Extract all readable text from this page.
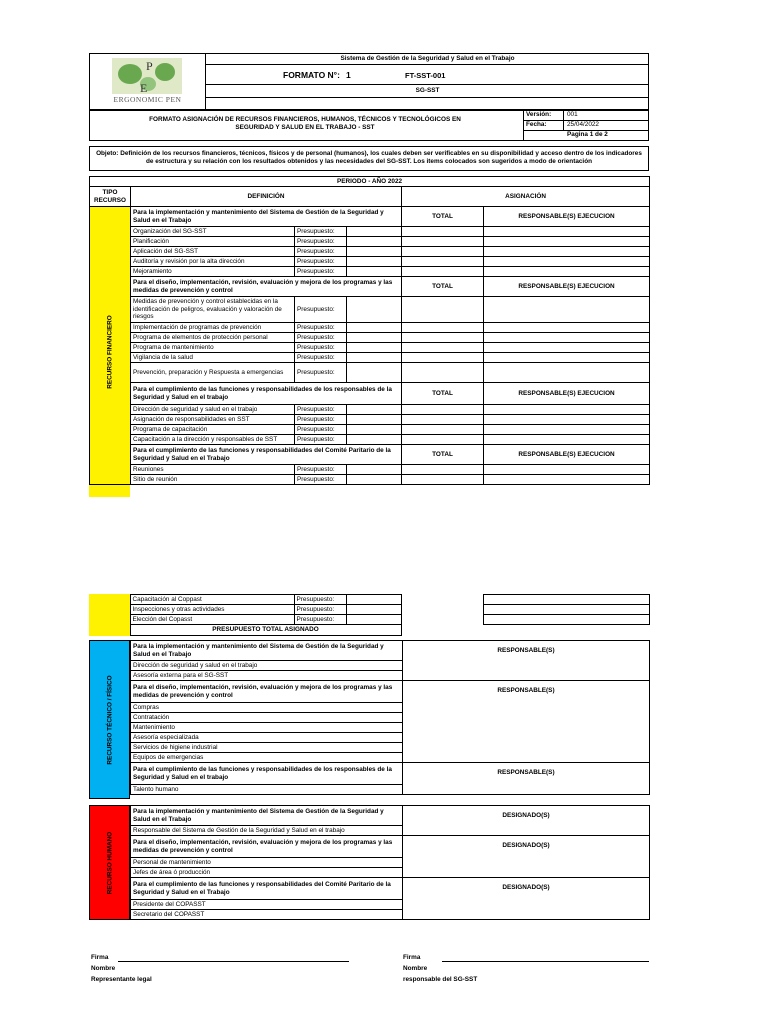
P
E
ERGONOMIC PEN
Sistema de Gestión de la Seguridad y Salud en el Trabajo
FORMATO N°: 1	FT-SST-001
SG-SST
FORMATO ASIGNACIÓN DE RECURSOS FINANCIEROS, HUMANOS, TÉCNICOS Y TECNOLÓGICOS EN SEGURIDAD Y SALUD EN EL TRABAJO - SST
Versión: 001
Fecha:	25/04/2022
Pagina 1 de 2
Objeto: Definición de los recursos financieros, técnicos, físicos y de personal (humanos), los cuales deben ser verificables en su disponibilidad y acceso dentro de los indicadores de estructura y su relación con los resultados obtenidos y las necesidades del SG-SST. Los items colocados son sugeridos a modo de orientación
RECURSO FINANCIERO
PERIODO - AÑO 2022					
TIPO RECURSO	DEFINICIÓN			ASIGNACIÓN	
	Para la implementación y mantenimiento del Sistema de Gestión de la Seguridad y Salud en el Trabajo			TOTAL	RESPONSABLE(S) EJECUCION
	Organización del SG-SST	Presupuesto:			
	Planificación	Presupuesto:			
	Aplicación del SG-SST	Presupuesto:			
	Auditoría y revisión por la alta dirección	Presupuesto:			
	Mejoramiento	Presupuesto:			
	Para el diseño, implementación, revisión, evaluación y mejora de los programas y las medidas de prevención y control			TOTAL	RESPONSABLE(S) EJECUCION
	Medidas de prevención y control establecidas en la identificación de peligros, evaluación y valoración de riesgos	Presupuesto:			
	Implementación de programas de prevención	Presupuesto:			
	Programa de elementos de protección personal	Presupuesto:			
	Programa de mantenimiento	Presupuesto:			
	Vigilancia de la salud	Presupuesto:			
	Prevención, preparación y Respuesta a emergencias	Presupuesto:			
	Para el cumplimiento de las funciones y responsabilidades de los responsables de la Seguridad y Salud en el trabajo			TOTAL	RESPONSABLE(S) EJECUCION
	Dirección de seguridad y salud en el trabajo	Presupuesto:			
	Asignación de responsabilidades en SST	Presupuesto:			
	Programa de capacitación	Presupuesto:			
	Capacitación a la dirección y responsables de SST	Presupuesto:			
	Para el cumplimiento de las funciones y responsabilidades del Comité Paritario de la Seguridad y Salud en el Trabajo			TOTAL	RESPONSABLE(S) EJECUCION
	Reuniones	Presupuesto:			
	Sitio de reunión	Presupuesto:			
	Capacitación al Coppast	Presupuesto:			
	Inspecciones y otras actividades	Presupuesto:			
	Elección del Copasst	Presupuesto:			
	PRESUPUESTO TOTAL ASIGNADO				
RECURSO TÉCNICO / FÍSICO
Para la implementación y mantenimiento del Sistema de Gestión de la Seguridad y Salud en el Trabajo	RESPONSABLE(S)
Dirección de seguridad y salud en el trabajo	
Asesoría externa para el SG-SST	
Para el diseño, implementación, revisión, evaluación y mejora de los programas y las medidas de prevención y control	RESPONSABLE(S)
Compras	
Contratación	
Mantenimiento	
Asesoría especializada	
Servicios de higiene industrial	
Equipos de emergencias	
Para el cumplimiento de las funciones y responsabilidades de los responsables de la Seguridad y Salud en el trabajo	RESPONSABLE(S)
Talento humano	
RECURSO HUMANO
Para la implementación y mantenimiento del Sistema de Gestión de la Seguridad y Salud en el Trabajo	DESIGNADO(S)
Responsable del Sistema de Gestión de la Seguridad y Salud en el trabajo	
Para el diseño, implementación, revisión, evaluación y mejora de los programas y las medidas de prevención y control	DESIGNADO(S)
Personal de mantenimiento	
Jefes de área ó producción	
Para el cumplimiento de las funciones y responsabilidades del Comité Paritario de la Seguridad y Salud en el Trabajo	DESIGNADO(S)
Presidente del COPASST	
Secretario del COPASST	
Firma
Nombre
Representante legal
Firma
Nombre
responsable del SG-SST
